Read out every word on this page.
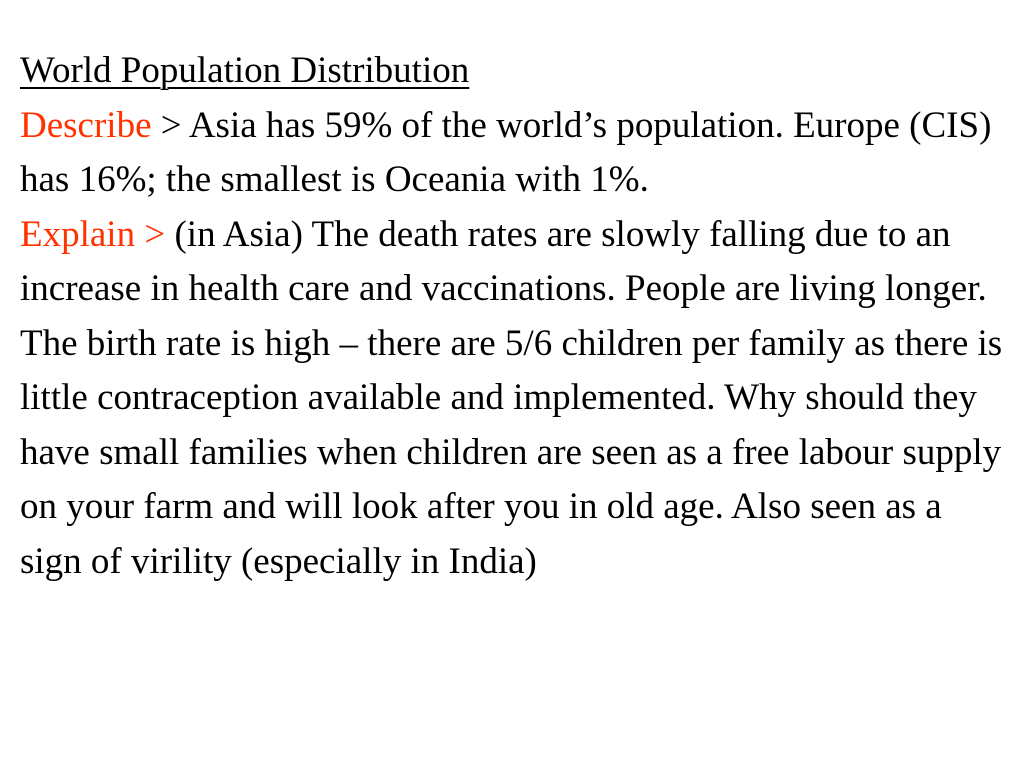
World Population Distribution

Describe > Asia has 59% of the world’s population. Europe (CIS) has 16%; the smallest is Oceania with 1%.

Explain > (in Asia) The death rates are slowly falling due to an increase in health care and vaccinations. People are living longer. The birth rate is high – there are 5/6 children per family as there is little contraception available and implemented. Why should they have small families when children are seen as a free labour supply on your farm and will look after you in old age. Also seen as a sign of virility (especially in India)
